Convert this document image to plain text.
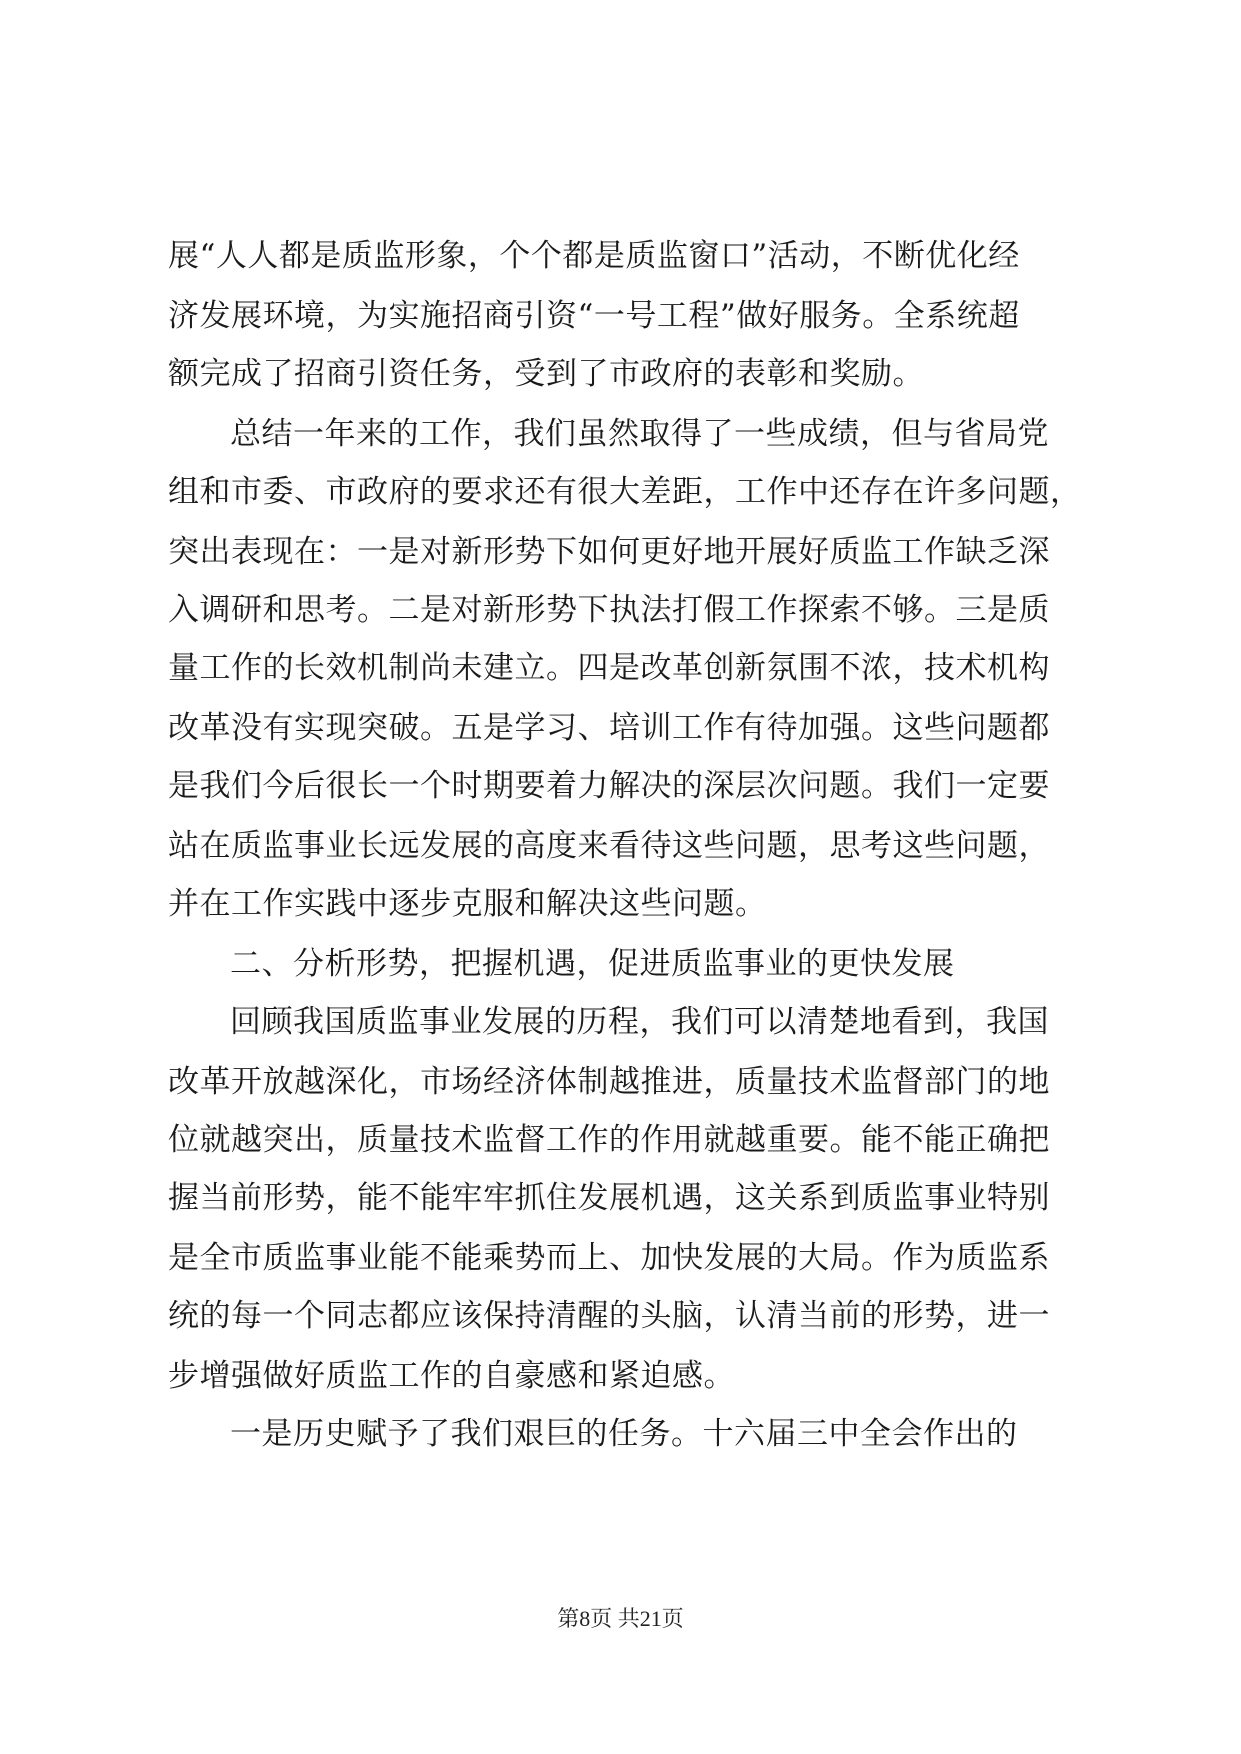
展“人人都是质监形象，个个都是质监窗口”活动，不断优化经
济发展环境，为实施招商引资“一号工程”做好服务。全系统超
额完成了招商引资任务，受到了市政府的表彰和奖励。
总结一年来的工作，我们虽然取得了一些成绩，但与省局党
组和市委、市政府的要求还有很大差距，工作中还存在许多问题，
突出表现在：一是对新形势下如何更好地开展好质监工作缺乏深
入调研和思考。二是对新形势下执法打假工作探索不够。三是质
量工作的长效机制尚未建立。四是改革创新氛围不浓，技术机构
改革没有实现突破。五是学习、培训工作有待加强。这些问题都
是我们今后很长一个时期要着力解决的深层次问题。我们一定要
站在质监事业长远发展的高度来看待这些问题，思考这些问题，
并在工作实践中逐步克服和解决这些问题。
二、分析形势，把握机遇，促进质监事业的更快发展
回顾我国质监事业发展的历程，我们可以清楚地看到，我国
改革开放越深化，市场经济体制越推进，质量技术监督部门的地
位就越突出，质量技术监督工作的作用就越重要。能不能正确把
握当前形势，能不能牢牢抓住发展机遇，这关系到质监事业特别
是全市质监事业能不能乘势而上、加快发展的大局。作为质监系
统的每一个同志都应该保持清醒的头脑，认清当前的形势，进一
步增强做好质监工作的自豪感和紧迫感。
一是历史赋予了我们艰巨的任务。十六届三中全会作出的
第8页 共21页
